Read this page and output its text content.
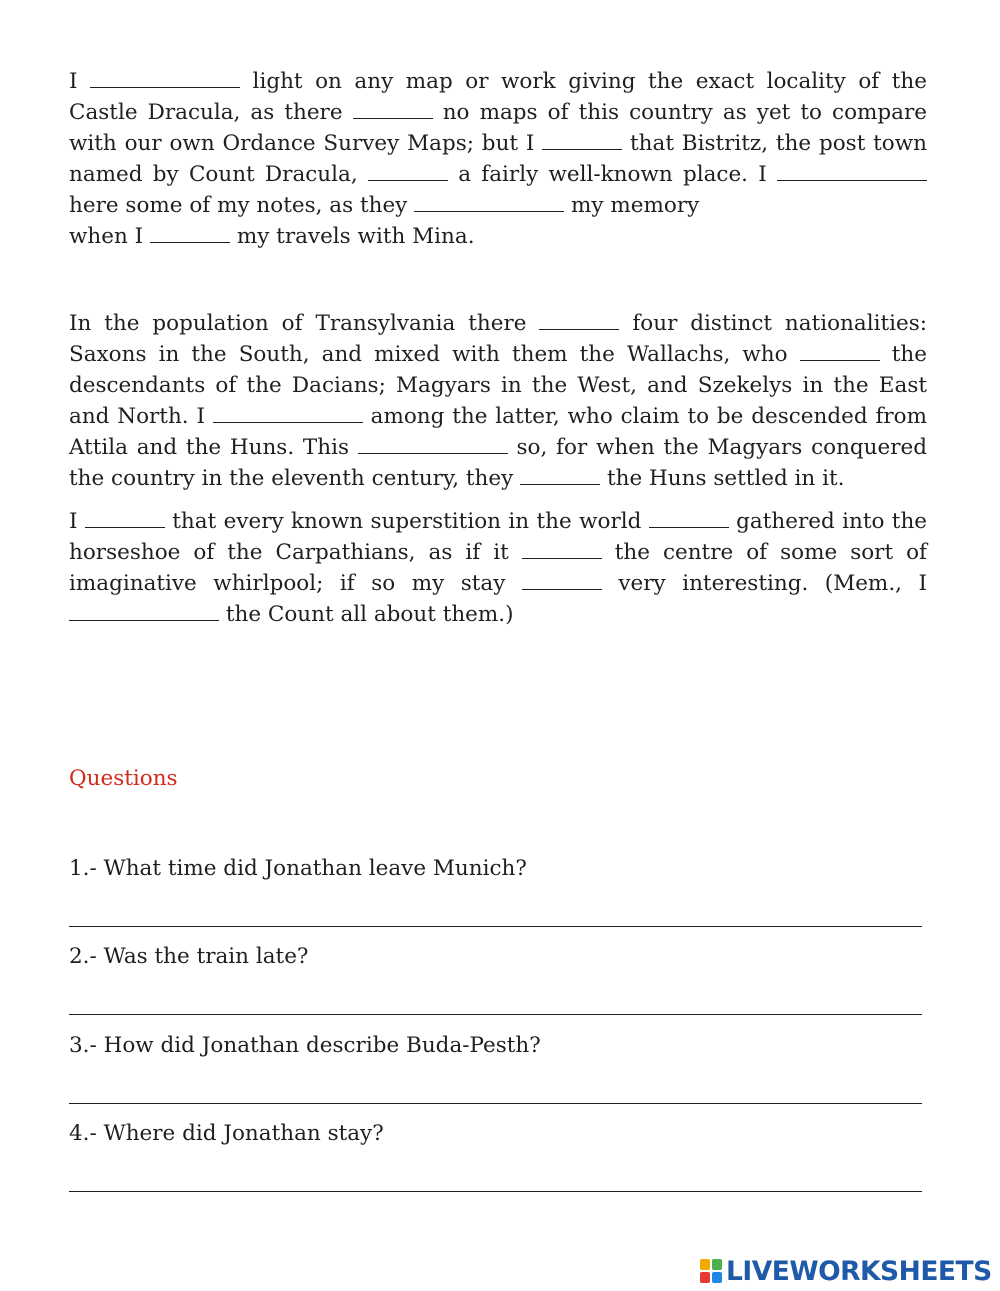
I	light on any map or work giving the exact locality of the Castle Dracula, as there	no maps of this country as yet to compare with our own Ordance Survey Maps; but I	that Bistritz, the post town named by Count Dracula,	a fairly well-known place. I  here some of my notes, as they	my memory

when I	my travels with Mina.

In the population of Transylvania there	four distinct nationalities: Saxons in the South, and mixed with them the Wallachs, who	the descendants of the Dacians; Magyars in the West, and Szekelys in the East and North. I	among the latter, who claim to be descended from Attila and the Huns. This	so, for when the Magyars conquered the country in the eleventh century, they	the Huns settled in it.

I	that every known superstition in the world	gathered into the horseshoe of the Carpathians, as if it	the centre of some sort of imaginative whirlpool; if so my stay	very interesting. (Mem., I  the Count all about them.)

Questions

1.- What time did Jonathan leave Munich?

2.- Was the train late?

3.- How did Jonathan describe Buda-Pesth?

4.- Where did Jonathan stay?

LIVEWORKSHEETS
